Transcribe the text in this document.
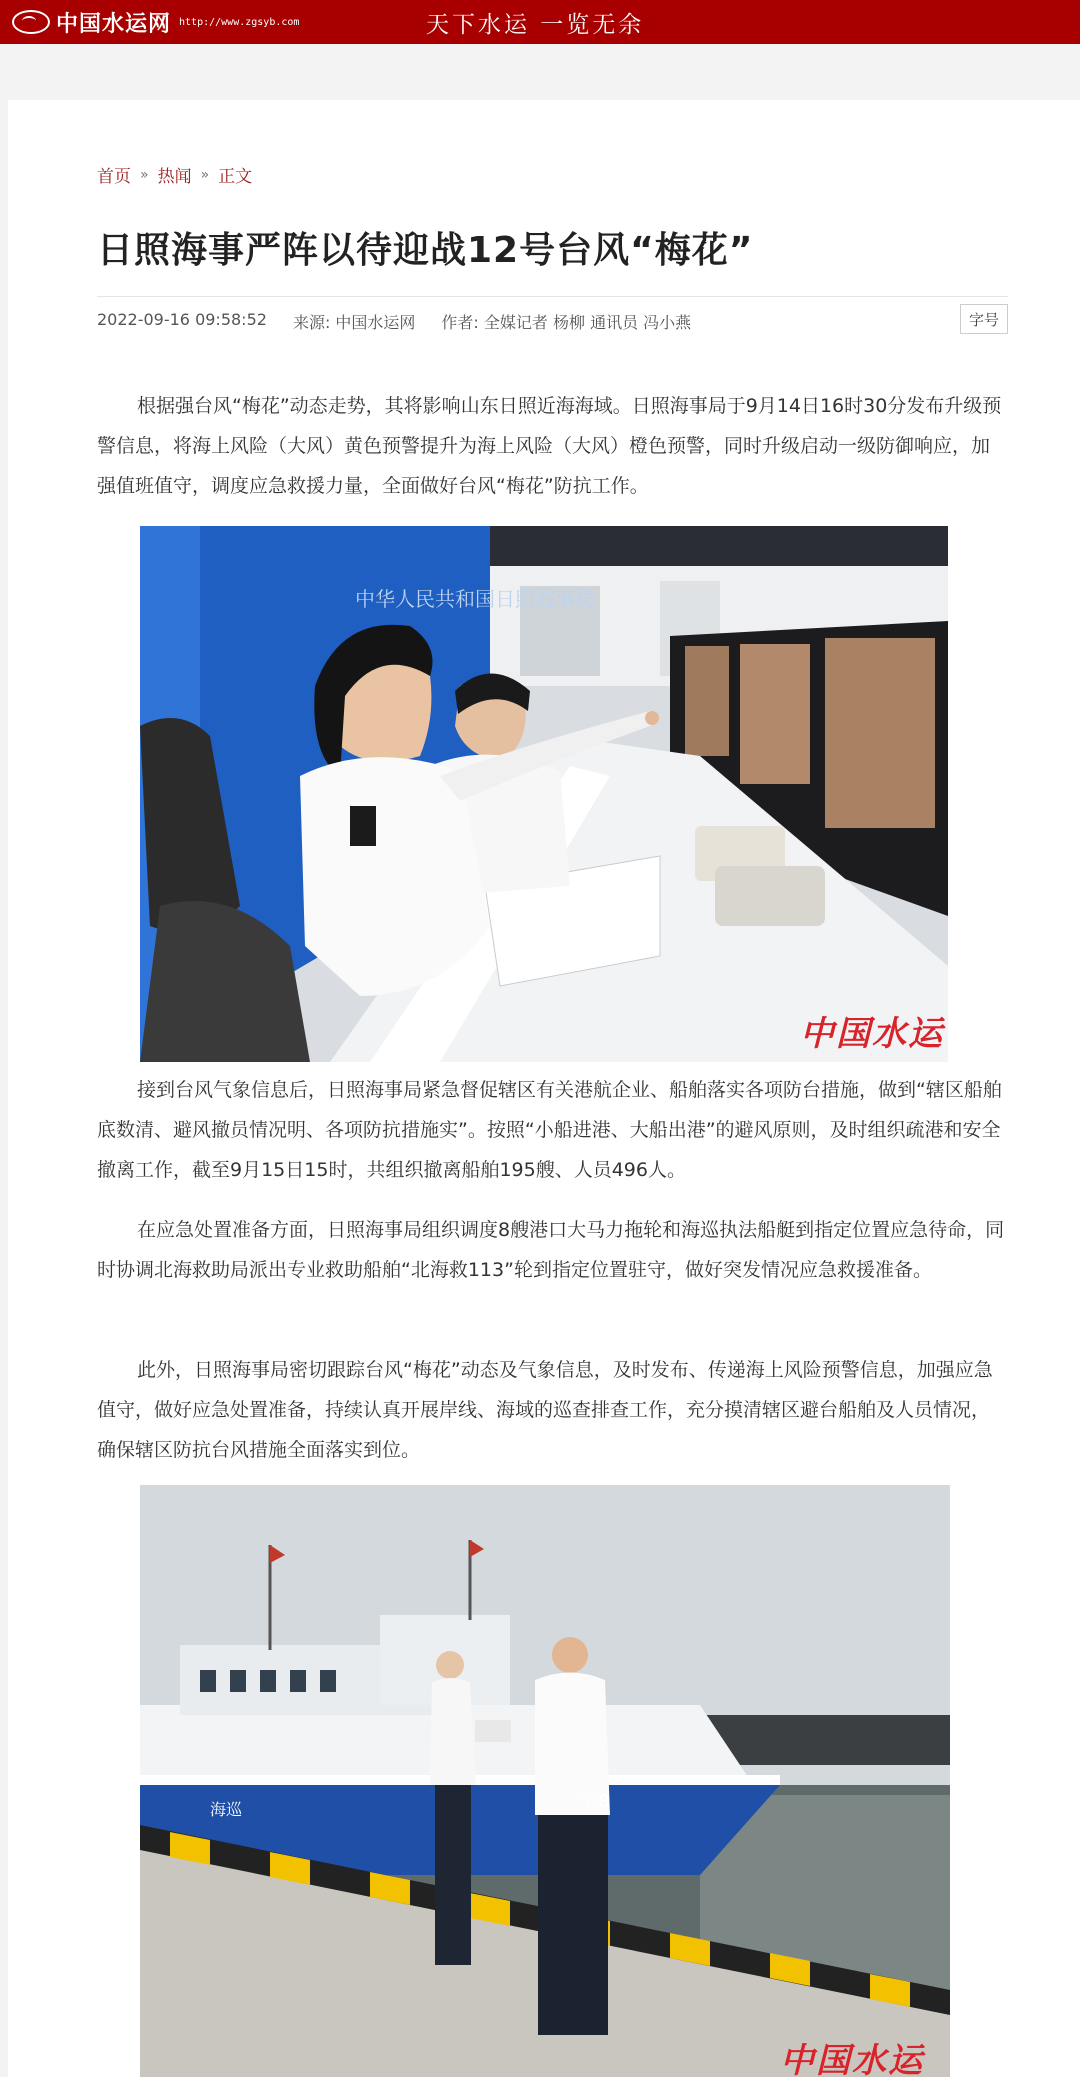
中国水运网 http://www.zgsyb.com	天下水运 一览无余
首页 » 热闻 » 正文
日照海事严阵以待迎战12号台风“梅花”
2022-09-16 09:58:52 来源: 中国水运网 作者: 全媒记者 杨柳 通讯员 冯小燕	字号

根据强台风“梅花”动态走势，其将影响山东日照近海海域。日照海事局于9月14日16时30分发布升级预警信息，将海上风险（大风）黄色预警提升为海上风险（大风）橙色预警，同时升级启动一级防御响应，加强值班值守，调度应急救援力量，全面做好台风“梅花”防抗工作。

中华人民共和国日照海事局
中国水运

接到台风气象信息后，日照海事局紧急督促辖区有关港航企业、船舶落实各项防台措施，做到“辖区船舶底数清、避风撤员情况明、各项防抗措施实”。按照“小船进港、大船出港”的避风原则，及时组织疏港和安全撤离工作，截至9月15日15时，共组织撤离船舶195艘、人员496人。

在应急处置准备方面，日照海事局组织调度8艘港口大马力拖轮和海巡执法船艇到指定位置应急待命，同时协调北海救助局派出专业救助船舶“北海救113”轮到指定位置驻守，做好突发情况应急救援准备。

此外，日照海事局密切跟踪台风“梅花”动态及气象信息，及时发布、传递海上风险预警信息，加强应急值守，做好应急处置准备，持续认真开展岸线、海域的巡查排查工作，充分摸清辖区避台船舶及人员情况，确保辖区防抗台风措施全面落实到位。

字8
海巡
中国水运
